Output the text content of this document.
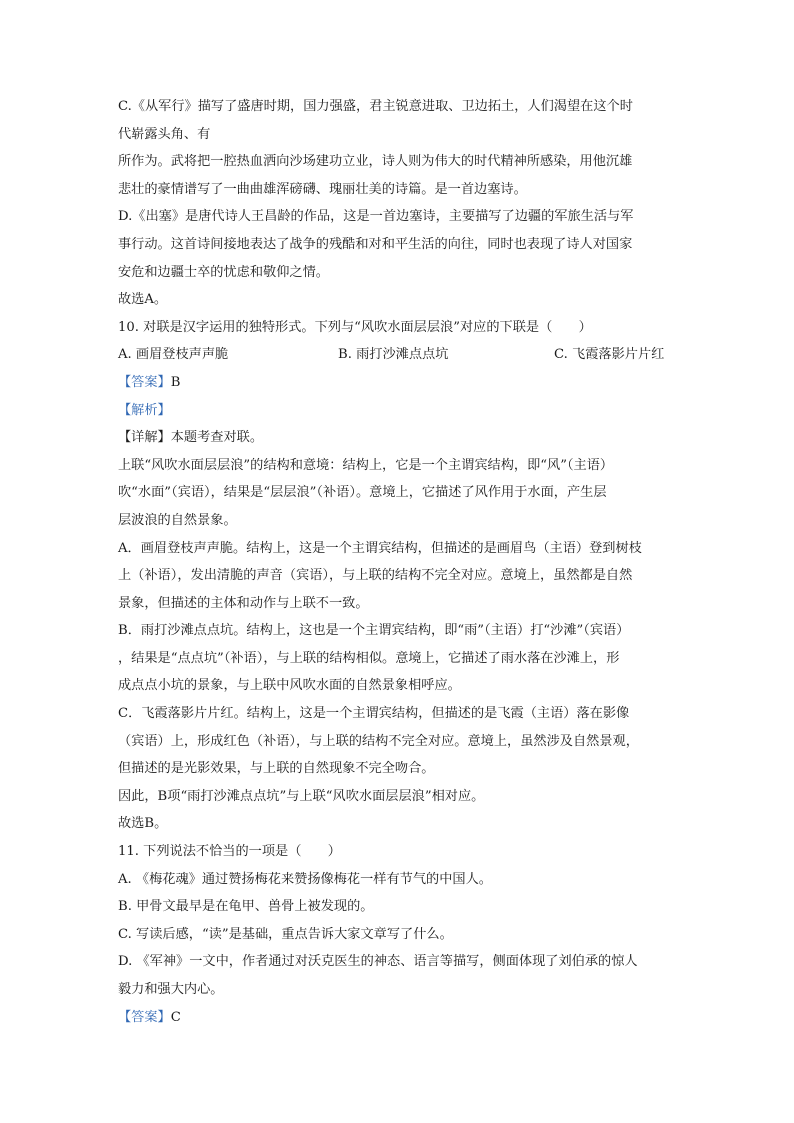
C.《从军行》描写了盛唐时期，国力强盛，君主锐意进取、卫边拓土，人们渴望在这个时
代崭露头角、有
所作为。武将把一腔热血洒向沙场建功立业，诗人则为伟大的时代精神所感染，用他沉雄
悲壮的豪情谱写了一曲曲雄浑磅礴、瑰丽壮美的诗篇。是一首边塞诗。
D.《出塞》是唐代诗人王昌龄的作品，这是一首边塞诗，主要描写了边疆的军旅生活与军
事行动。这首诗间接地表达了战争的残酷和对和平生活的向往，同时也表现了诗人对国家
安危和边疆士卒的忧虑和敬仰之情。
故选A。
10. 对联是汉字运用的独特形式。下列与“风吹水面层层浪”对应的下联是（　　）
A. 画眉登枝声声脆	B. 雨打沙滩点点坑	C. 飞霞落影片片红
【答案】B
【解析】
【详解】本题考查对联。
上联“风吹水面层层浪”的结构和意境：结构上，它是一个主谓宾结构，即“风”（主语）
吹“水面”（宾语），结果是“层层浪”（补语）。意境上，它描述了风作用于水面，产生层
层波浪的自然景象。
A．画眉登枝声声脆。结构上，这是一个主谓宾结构，但描述的是画眉鸟（主语）登到树枝
上（补语），发出清脆的声音（宾语），与上联的结构不完全对应。意境上，虽然都是自然
景象，但描述的主体和动作与上联不一致。
B．雨打沙滩点点坑。结构上，这也是一个主谓宾结构，即“雨”（主语）打“沙滩”（宾语）
，结果是“点点坑”（补语），与上联的结构相似。意境上，它描述了雨水落在沙滩上，形
成点点小坑的景象，与上联中风吹水面的自然景象相呼应。
C．飞霞落影片片红。结构上，这是一个主谓宾结构，但描述的是飞霞（主语）落在影像
（宾语）上，形成红色（补语），与上联的结构不完全对应。意境上，虽然涉及自然景观，
但描述的是光影效果，与上联的自然现象不完全吻合。
因此，B项“雨打沙滩点点坑”与上联“风吹水面层层浪”相对应。
故选B。
11. 下列说法不恰当的一项是（　　）
A. 《梅花魂》通过赞扬梅花来赞扬像梅花一样有节气的中国人。
B. 甲骨文最早是在龟甲、兽骨上被发现的。
C. 写读后感，“读”是基础，重点告诉大家文章写了什么。
D. 《军神》一文中，作者通过对沃克医生的神态、语言等描写，侧面体现了刘伯承的惊人
毅力和强大内心。
【答案】C
